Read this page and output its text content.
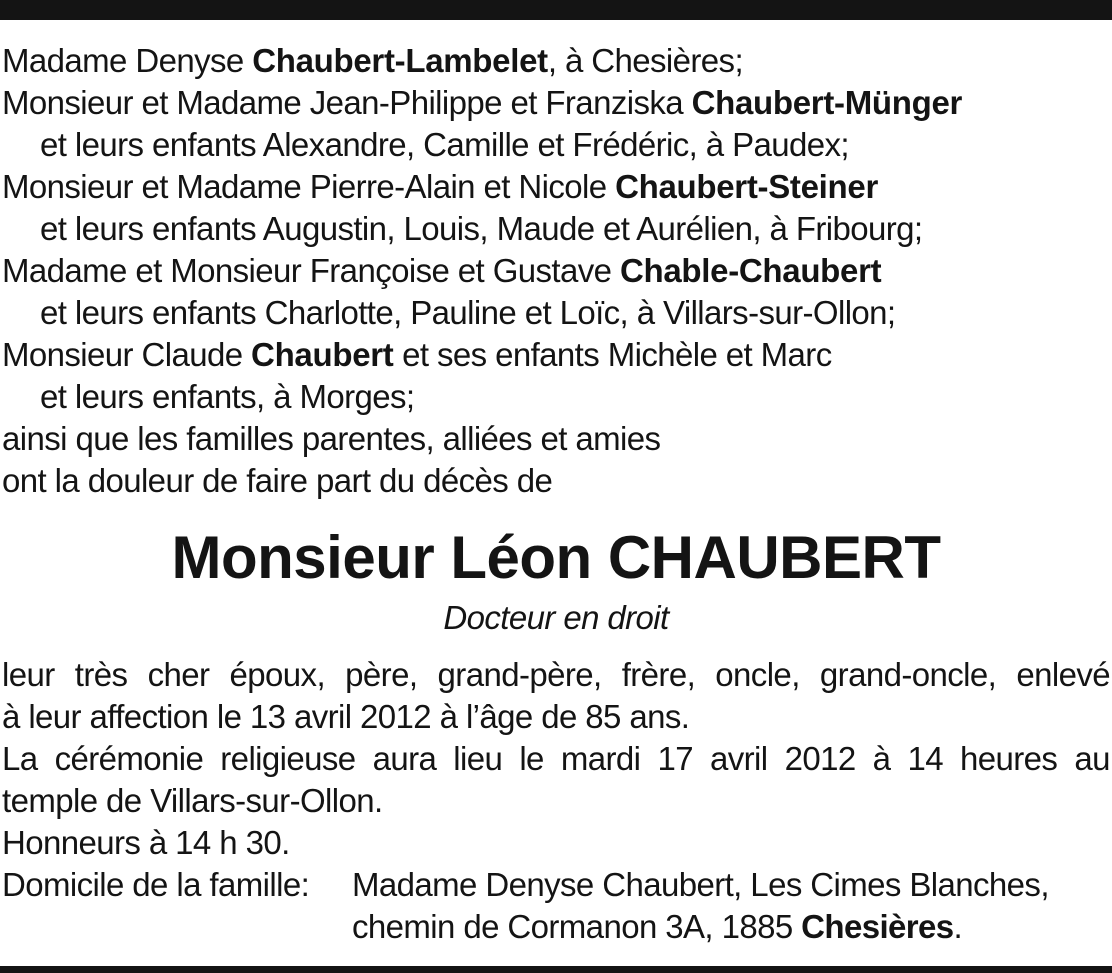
Madame Denyse Chaubert-Lambelet, à Chesières;
Monsieur et Madame Jean-Philippe et Franziska Chaubert-Münger
et leurs enfants Alexandre, Camille et Frédéric, à Paudex;
Monsieur et Madame Pierre-Alain et Nicole Chaubert-Steiner
et leurs enfants Augustin, Louis, Maude et Aurélien, à Fribourg;
Madame et Monsieur Françoise et Gustave Chable-Chaubert
et leurs enfants Charlotte, Pauline et Loïc, à Villars-sur-Ollon;
Monsieur Claude Chaubert et ses enfants Michèle et Marc
et leurs enfants, à Morges;
ainsi que les familles parentes, alliées et amies
ont la douleur de faire part du décès de
Monsieur Léon CHAUBERT
Docteur en droit
leur très cher époux, père, grand-père, frère, oncle, grand-oncle, enlevé
à leur affection le 13 avril 2012 à l’âge de 85 ans.
La cérémonie religieuse aura lieu le mardi 17 avril 2012 à 14 heures au
temple de Villars-sur-Ollon.
Honneurs à 14 h 30.
Domicile de la famille:	Madame Denyse Chaubert, Les Cimes Blanches,
chemin de Cormanon 3A, 1885 Chesières.
